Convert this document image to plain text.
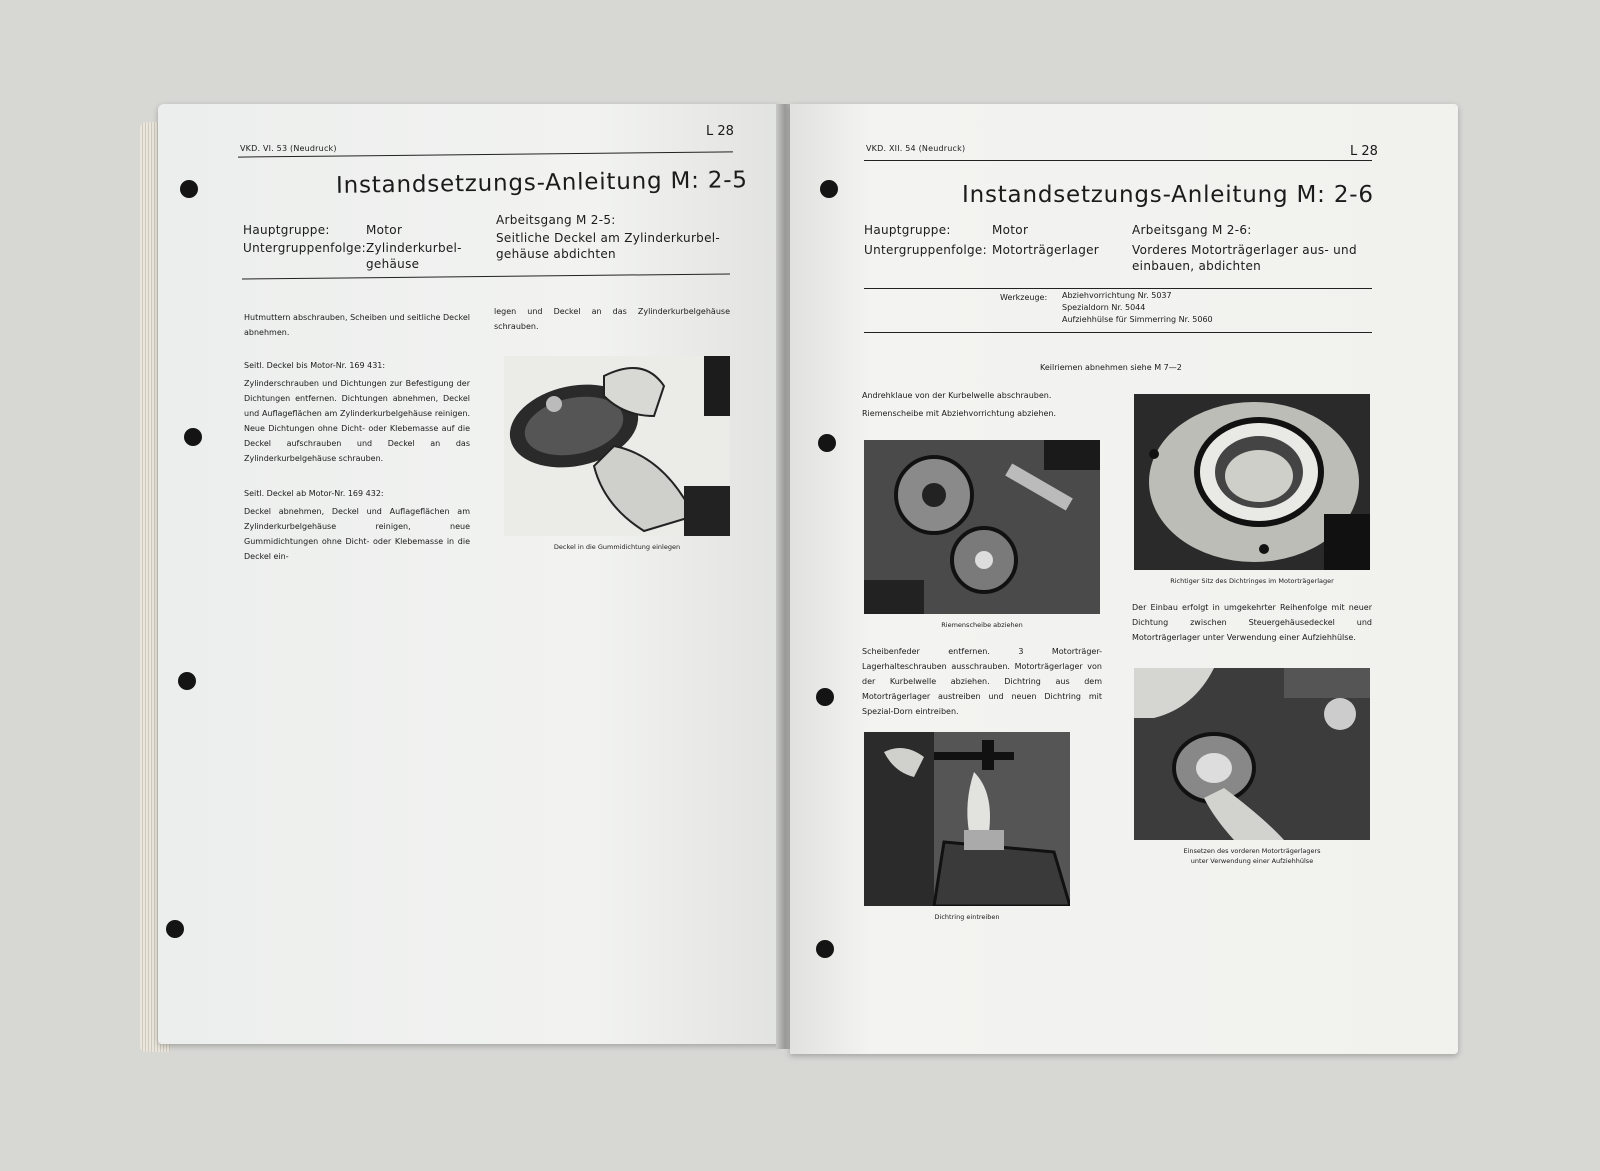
VKD. VI. 53 (Neudruck)
L 28
Instandsetzungs-Anleitung M: 2-5
Hauptgruppe:	Motor
Untergruppenfolge: Zylinderkurbel-
gehäuse
Arbeitsgang M 2-5:
Seitliche Deckel am Zylinderkurbel-
gehäuse abdichten
Hutmuttern abschrauben, Scheiben und seitliche Deckel abnehmen.
Seitl. Deckel bis Motor-Nr. 169 431:
Zylinderschrauben und Dichtungen zur Befestigung der Dichtungen entfernen. Dichtungen abnehmen, Deckel und Auflageflächen am Zylinderkurbelgehäuse reinigen. Neue Dichtungen ohne Dicht- oder Klebemasse auf die Deckel aufschrauben und Deckel an das Zylinderkurbelgehäuse schrauben.
Seitl. Deckel ab Motor-Nr. 169 432:
Deckel abnehmen, Deckel und Auflageflächen am Zylinderkurbelgehäuse reinigen, neue Gummidichtungen ohne Dicht- oder Klebemasse in die Deckel ein-
legen und Deckel an das Zylinderkurbelgehäuse schrauben.
Deckel in die Gummidichtung einlegen
VKD. XII. 54 (Neudruck)	L 28
Instandsetzungs-Anleitung M: 2-6
Hauptgruppe:	Motor
Untergruppenfolge: Motorträgerlager
Arbeitsgang M 2-6:
Vorderes Motorträgerlager aus- und
einbauen, abdichten
Werkzeuge: Abziehvorrichtung Nr. 5037
Spezialdorn Nr. 5044
Aufziehhülse für Simmerring Nr. 5060
Keilriemen abnehmen siehe M 7—2
Andrehklaue von der Kurbelwelle abschrauben.
Riemenscheibe mit Abziehvorrichtung abziehen.
Riemenscheibe abziehen
Scheibenfeder entfernen. 3 Motorträger-Lagerhalteschrauben ausschrauben. Motorträgerlager von der Kurbelwelle abziehen. Dichtring aus dem Motorträgerlager austreiben und neuen Dichtring mit Spezial-Dorn eintreiben.
Dichtring eintreiben
Richtiger Sitz des Dichtringes im Motorträgerlager
Der Einbau erfolgt in umgekehrter Reihenfolge mit neuer Dichtung zwischen Steuergehäusedeckel und Motorträgerlager unter Verwendung einer Aufziehhülse.
Einsetzen des vorderen Motorträgerlagers
unter Verwendung einer Aufziehhülse
